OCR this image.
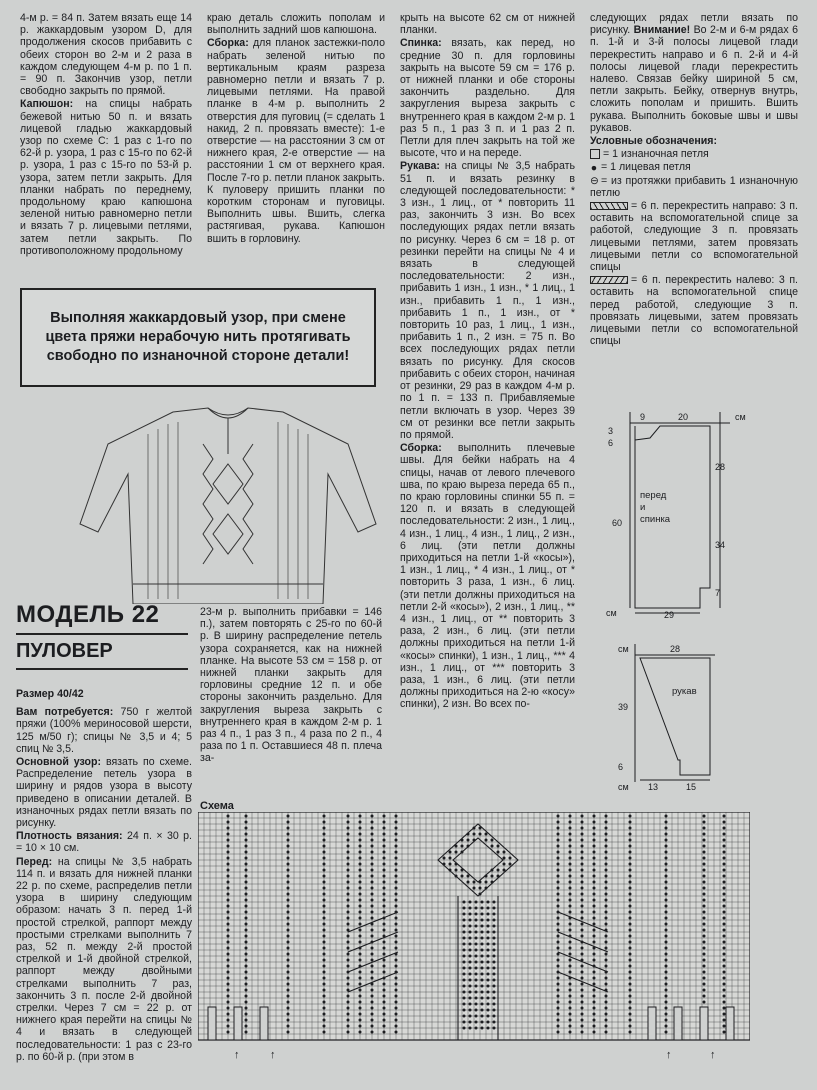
4-м р. = 84 п. Затем вязать еще 14 р. жаккардовым узором D, для продолжения скосов прибавить с обеих сторон во 2-м и 2 раза в каждом следующем 4-м р. по 1 п. = 90 п. Закончив узор, петли свободно закрыть по прямой.

Капюшон: на спицы набрать бежевой нитью 50 п. и вязать лицевой гладью жаккардовый узор по схеме С: 1 раз с 1-го по 62-й р. узора, 1 раз с 15-го по 62-й р. узора, 1 раз с 15-го по 53-й р. узора, затем петли закрыть. Для планки набрать по переднему, продольному краю капюшона зеленой нитью равномерно петли и вязать 7 р. лицевыми петлями, затем петли закрыть. По противоположному продольному

краю деталь сложить пополам и выполнить задний шов капюшона.

Сборка: для планок застежки-поло набрать зеленой нитью по вертикальным краям разреза равномерно петли и вязать 7 р. лицевыми петлями. На правой планке в 4-м р. выполнить 2 отверстия для пуговиц (= сделать 1 накид, 2 п. провязать вместе): 1-е отверстие — на расстоянии 3 см от нижнего края, 2-е отверстие — на расстоянии 1 см от верхнего края. После 7-го р. петли планок закрыть. К пуловеру пришить планки по коротким сторонам и пуговицы. Выполнить швы. Вшить, слегка растягивая, рукава. Капюшон вшить в горловину.

крыть на высоте 62 см от нижней планки.

Спинка: вязать, как перед, но средние 30 п. для горловины закрыть на высоте 59 см = 176 р. от нижней планки и обе стороны закончить раздельно. Для закругления выреза закрыть с внутреннего края в каждом 2-м р. 1 раз 5 п., 1 раз 3 п. и 1 раз 2 п. Петли для плеч закрыть на той же высоте, что и на переде.

Рукава: на спицы № 3,5 набрать 51 п. и вязать резинку в следующей последовательности: * 3 изн., 1 лиц., от * повторить 11 раз, закончить 3 изн. Во всех последующих рядах петли вязать по рисунку. Через 6 см = 18 р. от резинки перейти на спицы № 4 и вязать в следующей последовательности: 2 изн., прибавить 1 изн., 1 изн., * 1 лиц., 1 изн., прибавить 1 п., 1 изн., прибавить 1 п., 1 изн., от * повторить 10 раз, 1 лиц., 1 изн., прибавить 1 п., 2 изн. = 75 п. Во всех последующих рядах петли вязать по рисунку. Для скосов прибавить с обеих сторон, начиная от резинки, 29 раз в каждом 4-м р. по 1 п. = 133 п. Прибавляемые петли включать в узор. Через 39 см от резинки все петли закрыть по прямой.

Сборка: выполнить плечевые швы. Для бейки набрать на 4 спицы, начав от левого плечевого шва, по краю выреза переда 65 п., по краю горловины спинки 55 п. = 120 п. и вязать в следующей последовательности: 2 изн., 1 лиц., 4 изн., 1 лиц., 4 изн., 1 лиц., 2 изн., 6 лиц. (эти петли должны приходиться на петли 1-й «косы»), 1 изн., 1 лиц., * 4 изн., 1 лиц., от * повторить 3 раза, 1 изн., 6 лиц. (эти петли должны приходиться на петли 2-й «косы»), 2 изн., 1 лиц., ** 4 изн., 1 лиц., от ** повторить 3 раза, 2 изн., 6 лиц. (эти петли должны приходиться на петли 1-й «косы» спинки), 1 изн., 1 лиц., *** 4 изн., 1 лиц., от *** повторить 3 раза, 1 изн., 6 лиц. (эти петли должны приходиться на 2-ю «косу» спинки), 2 изн. Во всех по-

следующих рядах петли вязать по рисунку. Внимание! Во 2-м и 6-м рядах 6 п. 1-й и 3-й полосы лицевой глади перекрестить направо и 6 п. 2-й и 4-й полосы лицевой глади перекрестить налево. Связав бейку шириной 5 см, петли закрыть. Бейку, отвернув внутрь, сложить пополам и пришить. Вшить рукава. Выполнить боковые швы и швы рукавов.

Условные обозначения:

= 1 изнаночная петля

● = 1 лицевая петля

⊖ = из протяжки прибавить 1 изнаночную петлю

= 6 п. перекрестить направо: 3 п. оставить на вспомогательной спице за работой, следующие 3 п. провязать лицевыми петлями, затем провязать лицевыми петли со вспомогательной спицы

= 6 п. перекрестить налево: 3 п. оставить на вспомогательной спице перед работой, следующие 3 п. провязать лицевыми, затем провязать лицевыми петли со вспомогательной спицы

Выполняя жаккардовый узор, при смене цвета пряжи нерабочую нить протягивать свободно по изнаночной стороне детали!
МОДЕЛЬ 22
ПУЛОВЕР

Размер 40/42

Вам потребуется: 750 г желтой пряжи (100% мериносовой шерсти, 125 м/50 г); спицы № 3,5 и 4; 5 спиц № 3,5.

Основной узор: вязать по схеме. Распределение петель узора в ширину и рядов узора в высоту приведено в описании деталей. В изнаночных рядах петли вязать по рисунку.

Плотность вязания: 24 п. × 30 р. = 10 × 10 см.

Перед: на спицы № 3,5 набрать 114 п. и вязать для нижней планки 22 р. по схеме, распределив петли узора в ширину следующим образом: начать 3 п. перед 1-й простой стрелкой, раппорт между простыми стрелками выполнить 7 раз, 52 п. между 2-й простой стрелкой и 1-й двойной стрелкой, раппорт между двойными стрелками выполнить 7 раз, закончить 3 п. после 2-й двойной стрелки. Через 7 см = 22 р. от нижнего края перейти на спицы № 4 и вязать в следующей последовательности: 1 раз с 23-го р. по 60-й р. (при этом в

23-м р. выполнить прибавки = 146 п.), затем повторять с 25-го по 60-й р. В ширину распределение петель узора сохраняется, как на нижней планке. На высоте 53 см = 158 р. от нижней планки закрыть для горловины средние 12 п. и обе стороны закончить раздельно. Для закругления выреза закрыть с внутреннего края в каждом 2-м р. 1 раз 4 п., 1 раз 3 п., 4 раза по 2 п., 4 раза по 1 п. Оставшиеся 48 п. плеча за-

9	20	см
3
6
60
28
34
7
см	29
перед
и
спинка
см	28
39
6
см 13	15
рукав
Схема
↑	↑	↑	↑
